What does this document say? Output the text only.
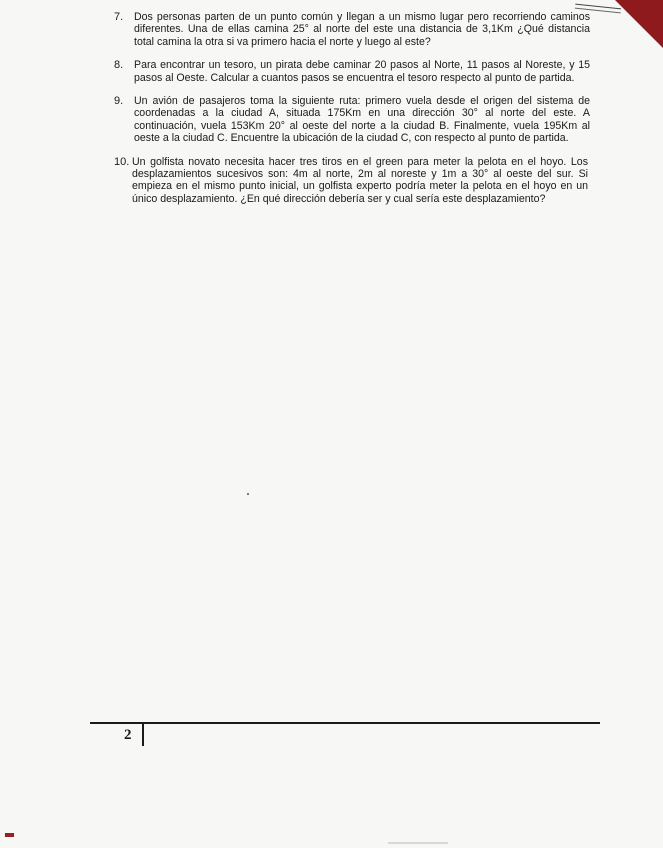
7.	Dos personas parten de un punto común y llegan a un mismo lugar pero recorriendo caminos diferentes. Una de ellas camina 25° al norte del este una distancia de 3,1Km ¿Qué distancia total camina la otra si va primero hacia el norte y luego al este?
8.	Para encontrar un tesoro, un pirata debe caminar 20 pasos al Norte, 11 pasos al Noreste, y 15 pasos al Oeste. Calcular a cuantos pasos se encuentra el tesoro respecto al punto de partida.
9.	Un avión de pasajeros toma la siguiente ruta: primero vuela desde el origen del sistema de coordenadas a la ciudad A, situada 175Km en una dirección 30° al norte del este. A continuación, vuela 153Km 20° al oeste del norte a la ciudad B. Finalmente, vuela 195Km al oeste a la ciudad C. Encuentre la ubicación de la ciudad C, con respecto al punto de partida.
10. Un golfista novato necesita hacer tres tiros en el green para meter la pelota en el hoyo. Los desplazamientos sucesivos son: 4m al norte, 2m al noreste y 1m a 30° al oeste del sur. Si empieza en el mismo punto inicial, un golfista experto podría meter la pelota en el hoyo en un único desplazamiento. ¿En qué dirección debería ser y cual sería este desplazamiento?
2
